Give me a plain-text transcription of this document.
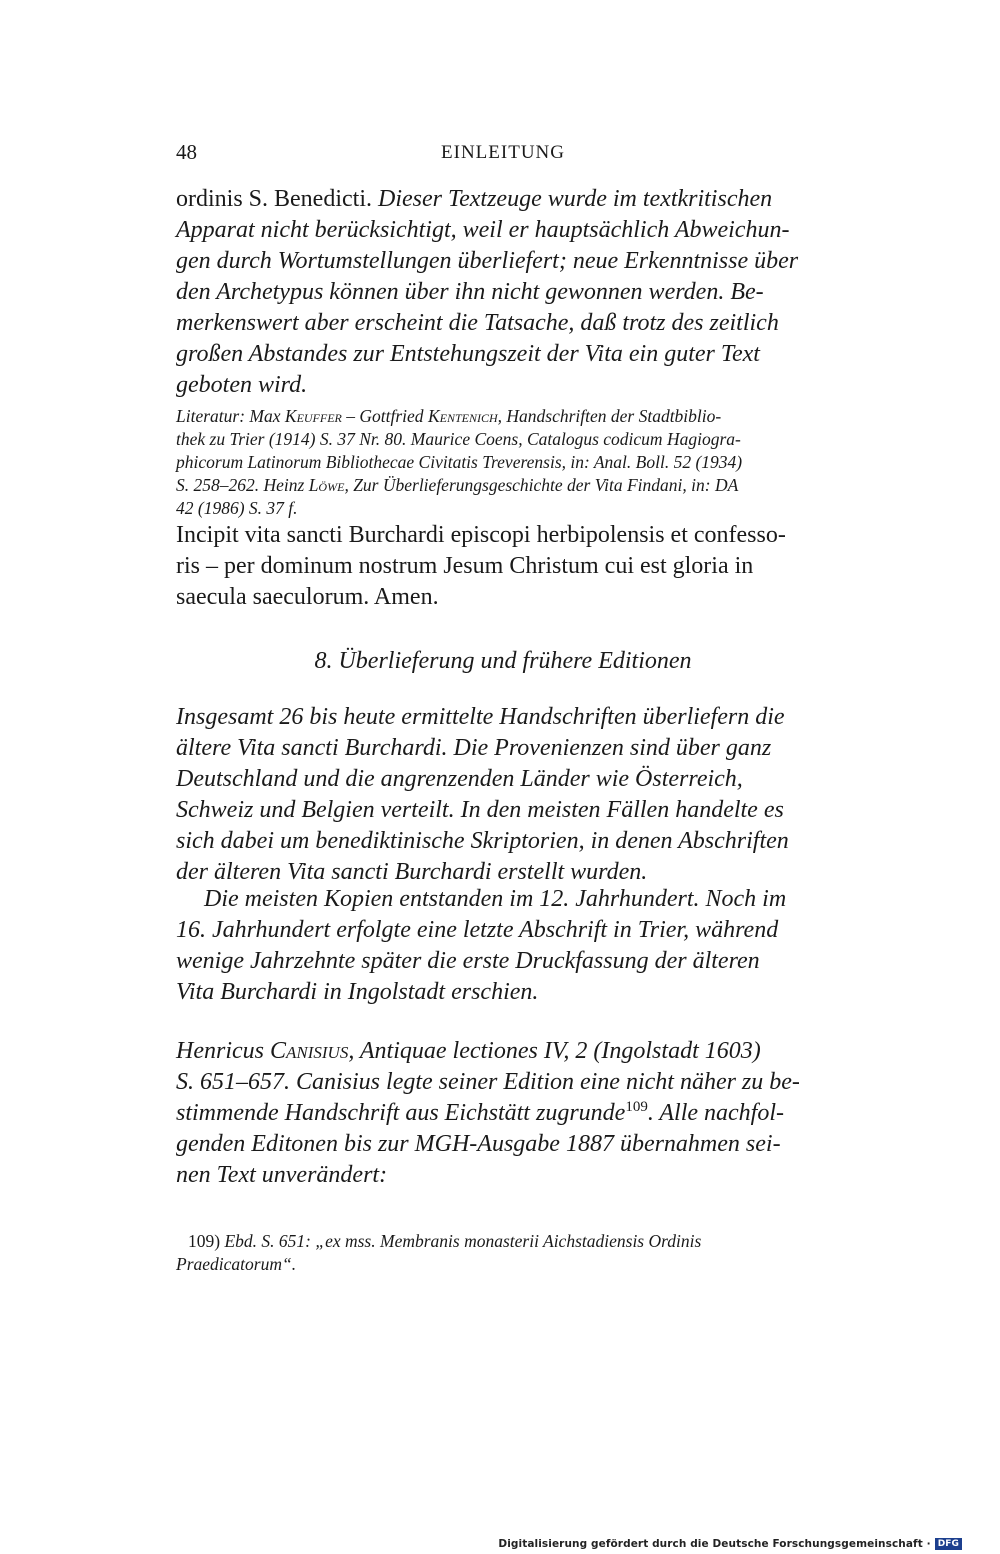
48	EINLEITUNG
ordinis S. Benedicti. Dieser Textzeuge wurde im textkritischen
Apparat nicht berücksichtigt, weil er hauptsächlich Abweichun-
gen durch Wortumstellungen überliefert; neue Erkenntnisse über
den Archetypus können über ihn nicht gewonnen werden. Be-
merkenswert aber erscheint die Tatsache, daß trotz des zeitlich
großen Abstandes zur Entstehungszeit der Vita ein guter Text
geboten wird.
Literatur: Max Keuffer – Gottfried Kentenich, Handschriften der Stadtbiblio-
thek zu Trier (1914) S. 37 Nr. 80. Maurice Coens, Catalogus codicum Hagiogra-
phicorum Latinorum Bibliothecae Civitatis Treverensis, in: Anal. Boll. 52 (1934)
S. 258–262. Heinz Löwe, Zur Überlieferungsgeschichte der Vita Findani, in: DA
42 (1986) S. 37 f.
Incipit vita sancti Burchardi episcopi herbipolensis et confesso-
ris – per dominum nostrum Jesum Christum cui est gloria in
saecula saeculorum. Amen.
8. Überlieferung und frühere Editionen
Insgesamt 26 bis heute ermittelte Handschriften überliefern die
ältere Vita sancti Burchardi. Die Provenienzen sind über ganz
Deutschland und die angrenzenden Länder wie Österreich,
Schweiz und Belgien verteilt. In den meisten Fällen handelte es
sich dabei um benediktinische Skriptorien, in denen Abschriften
der älteren Vita sancti Burchardi erstellt wurden.
Die meisten Kopien entstanden im 12. Jahrhundert. Noch im
16. Jahrhundert erfolgte eine letzte Abschrift in Trier, während
wenige Jahrzehnte später die erste Druckfassung der älteren
Vita Burchardi in Ingolstadt erschien.
Henricus Canisius, Antiquae lectiones IV, 2 (Ingolstadt 1603)
S. 651–657. Canisius legte seiner Edition eine nicht näher zu be-
stimmende Handschrift aus Eichstätt zugrunde$^{109}$. Alle nachfol-
genden Editonen bis zur MGH-Ausgabe 1887 übernahmen sei-
nen Text unverändert:
109) Ebd. S. 651: „ex mss. Membranis monasterii Aichstadiensis Ordinis
Praedicatorum“.
Digitalisierung gefördert durch die Deutsche Forschungsgemeinschaft · DFG
